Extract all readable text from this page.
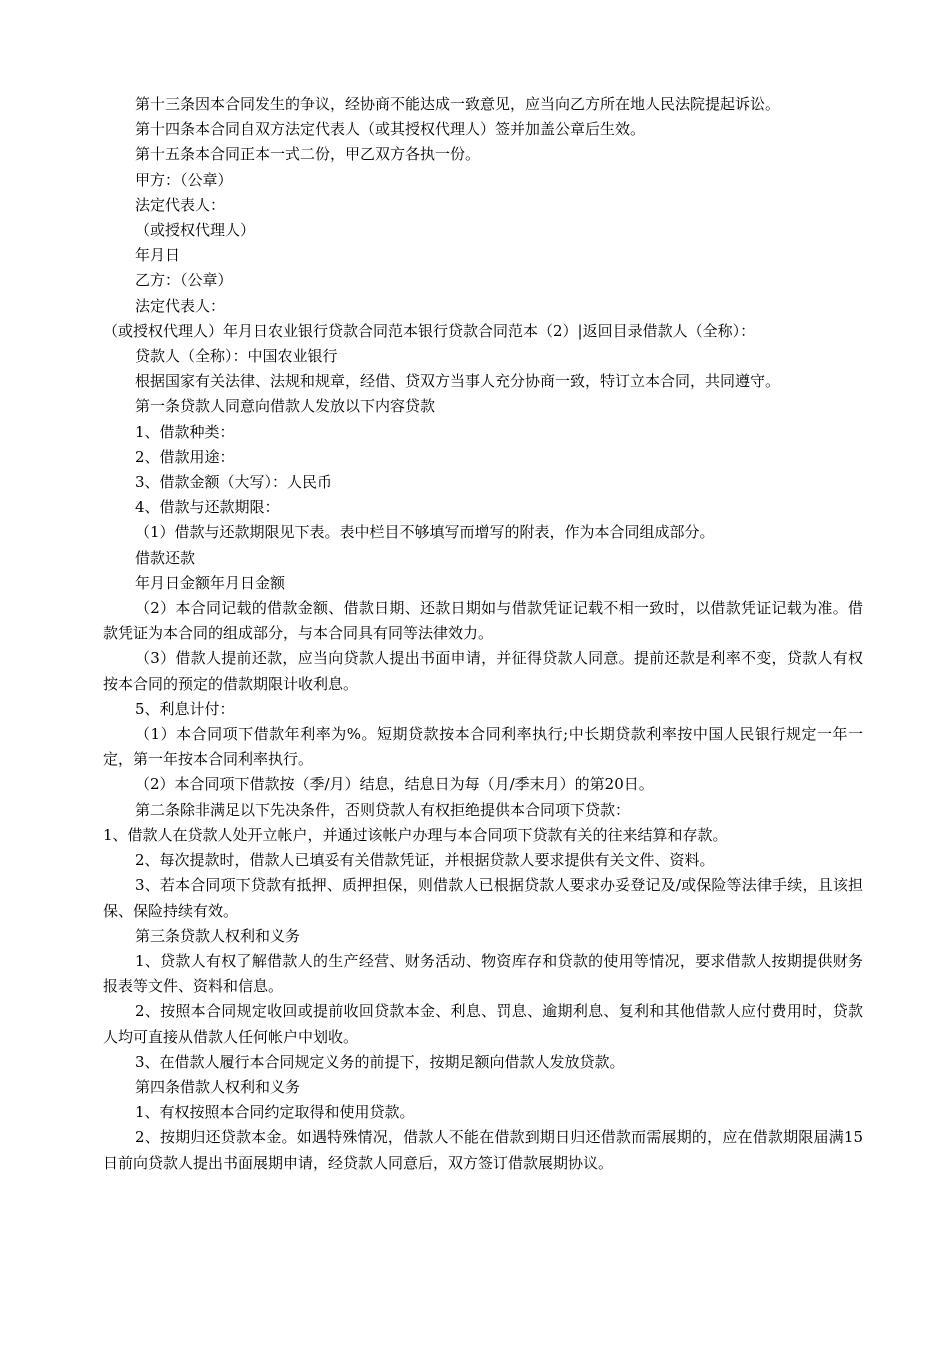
第十三条因本合同发生的争议，经协商不能达成一致意见，应当向乙方所在地人民法院提起诉讼。

第十四条本合同自双方法定代表人（或其授权代理人）签并加盖公章后生效。

第十五条本合同正本一式二份，甲乙双方各执一份。

甲方：（公章）

法定代表人：

（或授权代理人）

年月日

乙方：（公章）

法定代表人：

（或授权代理人）年月日农业银行贷款合同范本银行贷款合同范本（2）|返回目录借款人（全称）：

贷款人（全称）：中国农业银行

根据国家有关法律、法规和规章，经借、贷双方当事人充分协商一致，特订立本合同，共同遵守。

第一条贷款人同意向借款人发放以下内容贷款

1、借款种类：

2、借款用途：

3、借款金额（大写）：人民币

4、借款与还款期限：

（1）借款与还款期限见下表。表中栏目不够填写而增写的附表，作为本合同组成部分。

借款还款

年月日金额年月日金额

（2）本合同记载的借款金额、借款日期、还款日期如与借款凭证记载不相一致时，以借款凭证记载为准。借款凭证为本合同的组成部分，与本合同具有同等法律效力。

（3）借款人提前还款，应当向贷款人提出书面申请，并征得贷款人同意。提前还款是利率不变，贷款人有权按本合同的预定的借款期限计收利息。

5、利息计付：

（1）本合同项下借款年利率为%。短期贷款按本合同利率执行;中长期贷款利率按中国人民银行规定一年一定，第一年按本合同利率执行。

（2）本合同项下借款按（季/月）结息，结息日为每（月/季末月）的第20日。

第二条除非满足以下先决条件，否则贷款人有权拒绝提供本合同项下贷款：

1、借款人在贷款人处开立帐户，并通过该帐户办理与本合同项下贷款有关的往来结算和存款。

2、每次提款时，借款人已填妥有关借款凭证，并根据贷款人要求提供有关文件、资料。

3、若本合同项下贷款有抵押、质押担保，则借款人已根据贷款人要求办妥登记及/或保险等法律手续，且该担保、保险持续有效。

第三条贷款人权利和义务

1、贷款人有权了解借款人的生产经营、财务活动、物资库存和贷款的使用等情况，要求借款人按期提供财务报表等文件、资料和信息。

2、按照本合同规定收回或提前收回贷款本金、利息、罚息、逾期利息、复利和其他借款人应付费用时，贷款人均可直接从借款人任何帐户中划收。

3、在借款人履行本合同规定义务的前提下，按期足额向借款人发放贷款。

第四条借款人权利和义务

1、有权按照本合同约定取得和使用贷款。

2、按期归还贷款本金。如遇特殊情况，借款人不能在借款到期日归还借款而需展期的，应在借款期限届满15日前向贷款人提出书面展期申请，经贷款人同意后，双方签订借款展期协议。
